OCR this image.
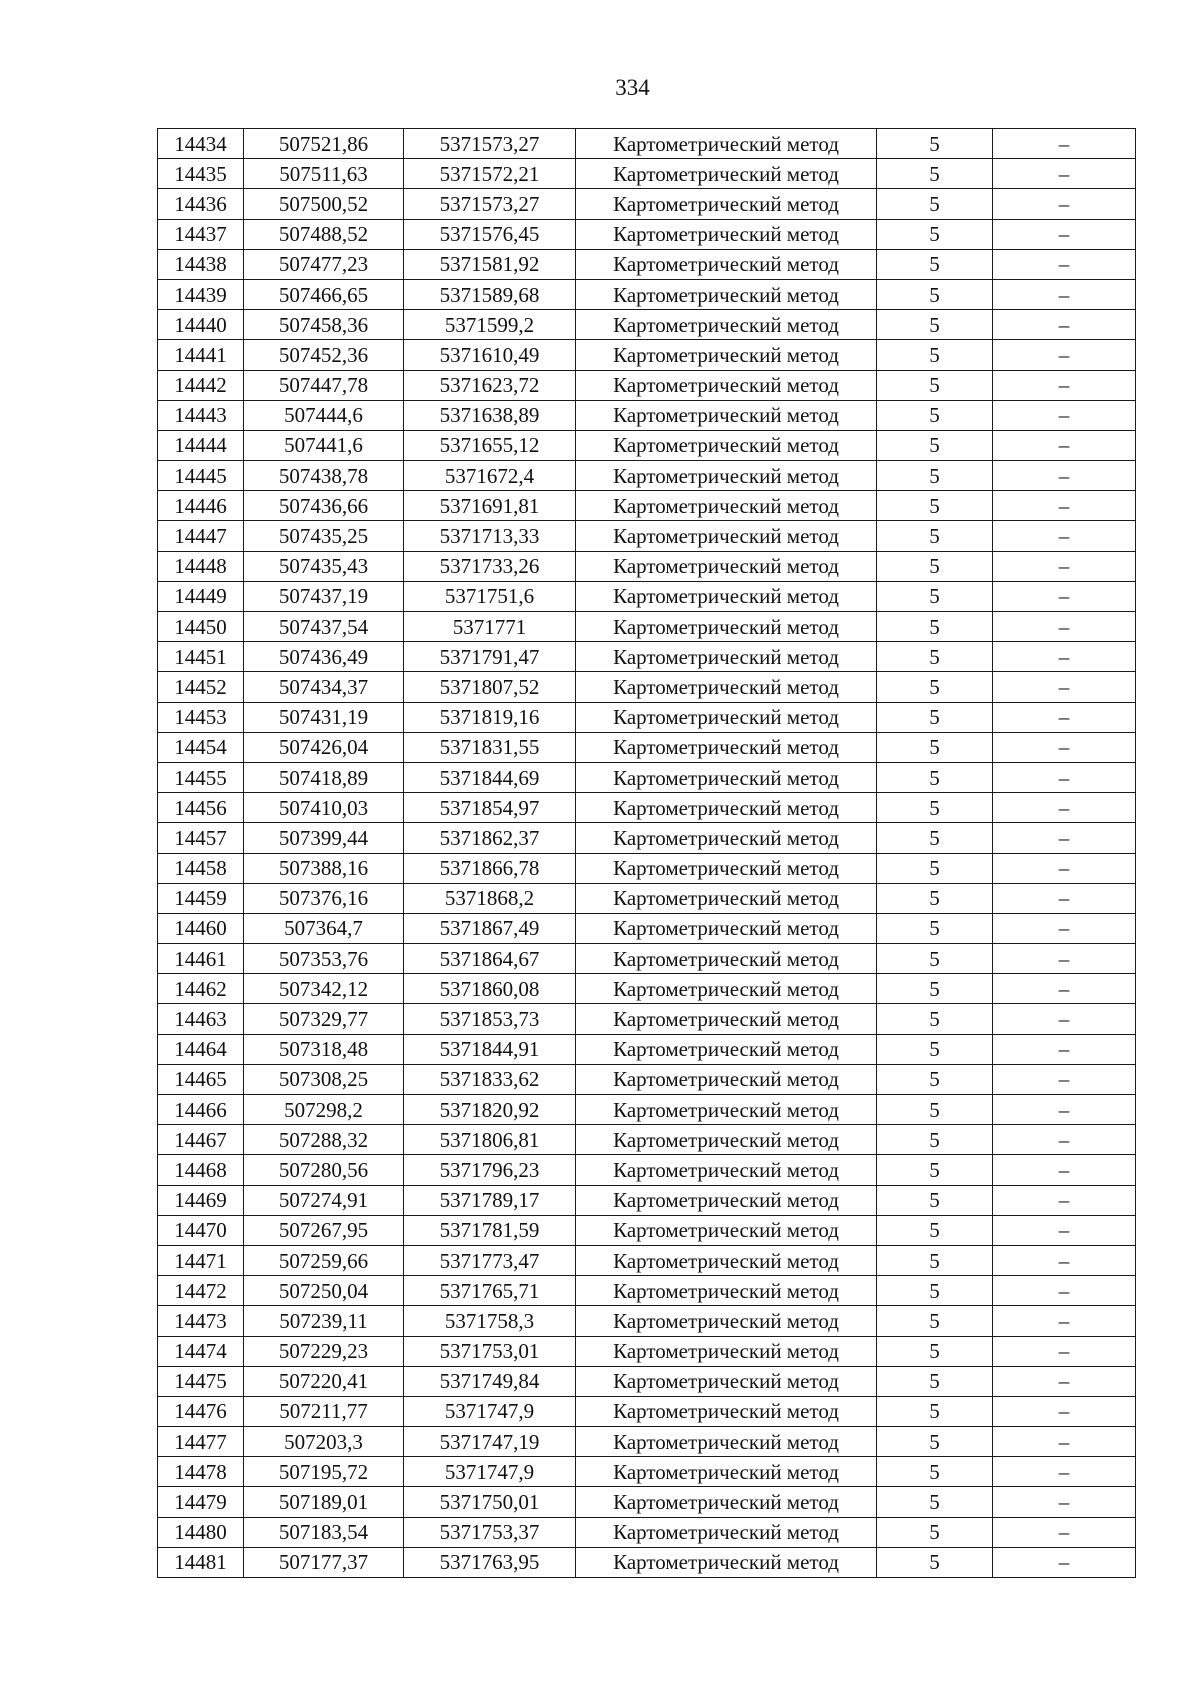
334
14434	507521,86	5371573,27	Картометрический метод	5	–
14435	507511,63	5371572,21	Картометрический метод	5	–
14436	507500,52	5371573,27	Картометрический метод	5	–
14437	507488,52	5371576,45	Картометрический метод	5	–
14438	507477,23	5371581,92	Картометрический метод	5	–
14439	507466,65	5371589,68	Картометрический метод	5	–
14440	507458,36	5371599,2	Картометрический метод	5	–
14441	507452,36	5371610,49	Картометрический метод	5	–
14442	507447,78	5371623,72	Картометрический метод	5	–
14443	507444,6	5371638,89	Картометрический метод	5	–
14444	507441,6	5371655,12	Картометрический метод	5	–
14445	507438,78	5371672,4	Картометрический метод	5	–
14446	507436,66	5371691,81	Картометрический метод	5	–
14447	507435,25	5371713,33	Картометрический метод	5	–
14448	507435,43	5371733,26	Картометрический метод	5	–
14449	507437,19	5371751,6	Картометрический метод	5	–
14450	507437,54	5371771	Картометрический метод	5	–
14451	507436,49	5371791,47	Картометрический метод	5	–
14452	507434,37	5371807,52	Картометрический метод	5	–
14453	507431,19	5371819,16	Картометрический метод	5	–
14454	507426,04	5371831,55	Картометрический метод	5	–
14455	507418,89	5371844,69	Картометрический метод	5	–
14456	507410,03	5371854,97	Картометрический метод	5	–
14457	507399,44	5371862,37	Картометрический метод	5	–
14458	507388,16	5371866,78	Картометрический метод	5	–
14459	507376,16	5371868,2	Картометрический метод	5	–
14460	507364,7	5371867,49	Картометрический метод	5	–
14461	507353,76	5371864,67	Картометрический метод	5	–
14462	507342,12	5371860,08	Картометрический метод	5	–
14463	507329,77	5371853,73	Картометрический метод	5	–
14464	507318,48	5371844,91	Картометрический метод	5	–
14465	507308,25	5371833,62	Картометрический метод	5	–
14466	507298,2	5371820,92	Картометрический метод	5	–
14467	507288,32	5371806,81	Картометрический метод	5	–
14468	507280,56	5371796,23	Картометрический метод	5	–
14469	507274,91	5371789,17	Картометрический метод	5	–
14470	507267,95	5371781,59	Картометрический метод	5	–
14471	507259,66	5371773,47	Картометрический метод	5	–
14472	507250,04	5371765,71	Картометрический метод	5	–
14473	507239,11	5371758,3	Картометрический метод	5	–
14474	507229,23	5371753,01	Картометрический метод	5	–
14475	507220,41	5371749,84	Картометрический метод	5	–
14476	507211,77	5371747,9	Картометрический метод	5	–
14477	507203,3	5371747,19	Картометрический метод	5	–
14478	507195,72	5371747,9	Картометрический метод	5	–
14479	507189,01	5371750,01	Картометрический метод	5	–
14480	507183,54	5371753,37	Картометрический метод	5	–
14481	507177,37	5371763,95	Картометрический метод	5	–
